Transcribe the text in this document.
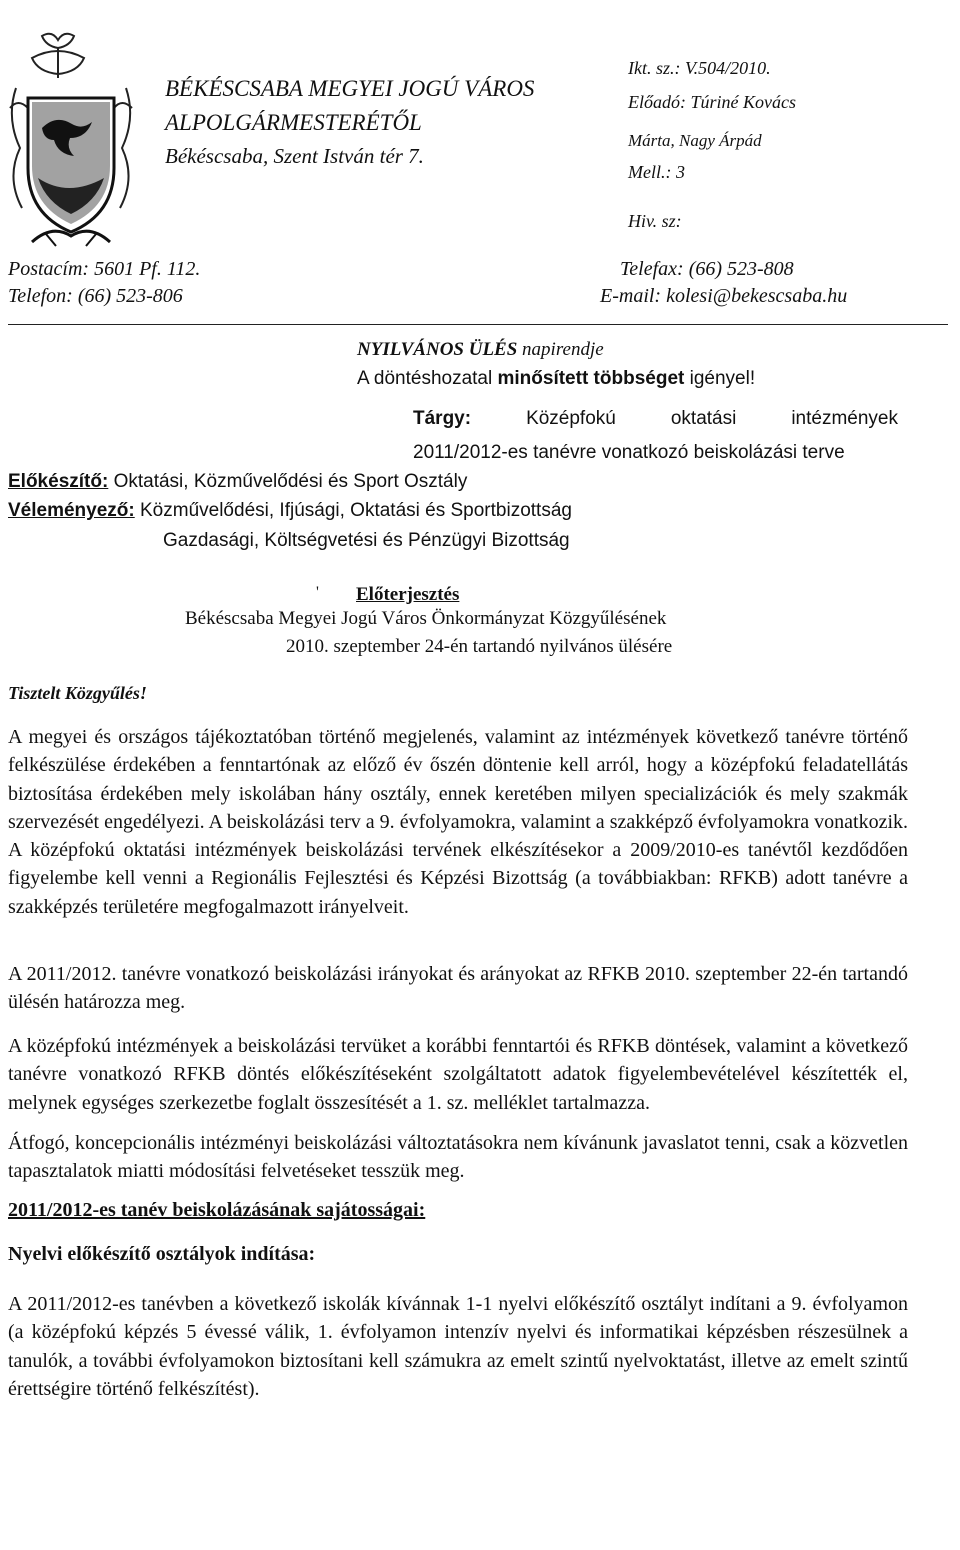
BÉKÉSCSABA MEGYEI JOGÚ VÁROS
ALPOLGÁRMESTERÉTŐL
Békéscsaba, Szent István tér 7.
Ikt. sz.: V.504/2010.
Előadó: Túriné Kovács
Márta, Nagy Árpád
Mell.: 3
Hiv. sz:
Postacím: 5601 Pf. 112.
Telefon: (66) 523-806
Telefax: (66) 523-808
E-mail: kolesi@bekescsaba.hu
NYILVÁNOS ÜLÉS napirendje
A döntéshozatal minősített többséget igényel!
Tárgy:	Középfokú	oktatási	intézmények
2011/2012-es tanévre vonatkozó beiskolázási terve
Előkészítő: Oktatási, Közművelődési és Sport Osztály
Véleményező: Közművelődési, Ifjúsági, Oktatási és Sportbizottság
Gazdasági, Költségvetési és Pénzügyi Bizottság
' Előterjesztés
Békéscsaba Megyei Jogú Város Önkormányzat Közgyűlésének
2010. szeptember 24-én tartandó nyilvános ülésére
Tisztelt Közgyűlés!
A megyei és országos tájékoztatóban történő megjelenés, valamint az intézmények következő tanévre történő felkészülése érdekében a fenntartónak az előző év őszén döntenie kell arról, hogy a középfokú feladatellátás biztosítása érdekében mely iskolában hány osztály, ennek keretében milyen specializációk és mely szakmák szervezését engedélyezi. A beiskolázási terv a 9. évfolyamokra, valamint a szakképző évfolyamokra vonatkozik. A középfokú oktatási intézmények beiskolázási tervének elkészítésekor a 2009/2010-es tanévtől kezdődően figyelembe kell venni a Regionális Fejlesztési és Képzési Bizottság (a továbbiakban: RFKB) adott tanévre a szakképzés területére megfogalmazott irányelveit.
A 2011/2012. tanévre vonatkozó beiskolázási irányokat és arányokat az RFKB 2010. szeptember 22-én tartandó ülésén határozza meg.
A középfokú intézmények a beiskolázási tervüket a korábbi fenntartói és RFKB döntések, valamint a következő tanévre vonatkozó RFKB döntés előkészítéseként szolgáltatott adatok figyelembevételével készítették el, melynek egységes szerkezetbe foglalt összesítését a 1. sz. melléklet tartalmazza.
Átfogó, koncepcionális intézményi beiskolázási változtatásokra nem kívánunk javaslatot tenni, csak a közvetlen tapasztalatok miatti módosítási felvetéseket tesszük meg.
2011/2012-es tanév beiskolázásának sajátosságai:
Nyelvi előkészítő osztályok indítása:
A 2011/2012-es tanévben a következő iskolák kívánnak 1-1 nyelvi előkészítő osztályt indítani a 9. évfolyamon (a középfokú képzés 5 évessé válik, 1. évfolyamon intenzív nyelvi és informatikai képzésben részesülnek a tanulók, a további évfolyamokon biztosítani kell számukra az emelt szintű nyelvoktatást, illetve az emelt szintű érettségire történő felkészítést).
